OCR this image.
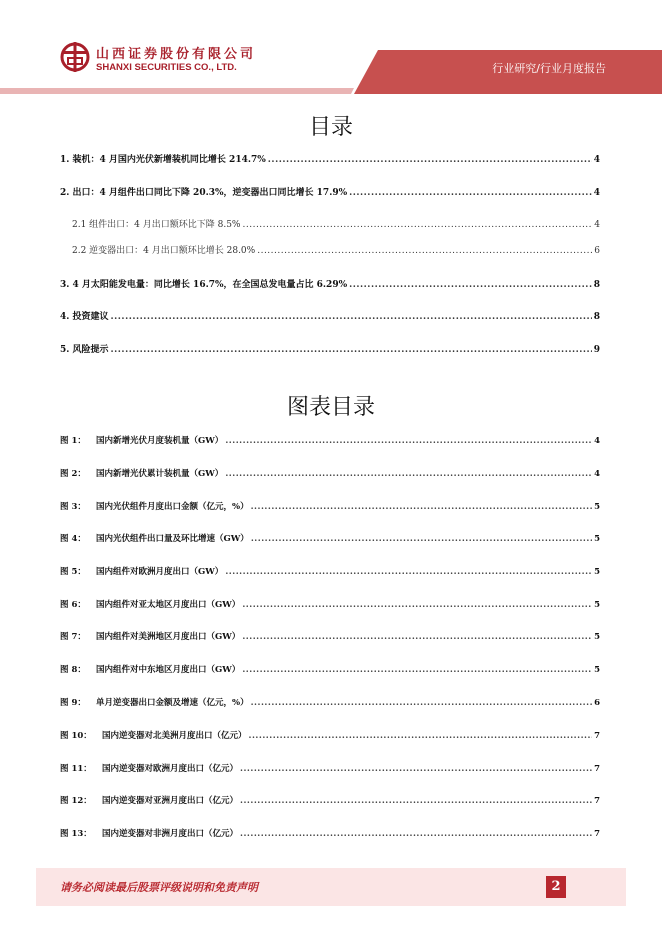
山西证券股份有限公司
SHANXI SECURITIES CO., LTD.	行业研究/行业月度报告
目录
1. 装机：4 月国内光伏新增装机同比增长 214.7% .....	4
2. 出口：4 月组件出口同比下降 20.3%，逆变器出口同比增长 17.9% .....	4
2.1 组件出口：4 月出口额环比下降 8.5% .....	4
2.2 逆变器出口：4 月出口额环比增长 28.0% .....	6
3. 4 月太阳能发电量：同比增长 16.7%，在全国总发电量占比 6.29% .....	8
4. 投资建议 .....	8
5. 风险提示 .....	9
图表目录
图 1： 国内新增光伏月度装机量（GW） .....	4
图 2： 国内新增光伏累计装机量（GW） .....	4
图 3： 国内光伏组件月度出口金额（亿元，%） .....	5
图 4： 国内光伏组件出口量及环比增速（GW） .....	5
图 5： 国内组件对欧洲月度出口（GW） .....	5
图 6： 国内组件对亚太地区月度出口（GW） .....	5
图 7： 国内组件对美洲地区月度出口（GW） .....	5
图 8： 国内组件对中东地区月度出口（GW） .....	5
图 9： 单月逆变器出口金额及增速（亿元，%） .....	6
图 10： 国内逆变器对北美洲月度出口（亿元） .....	7
图 11： 国内逆变器对欧洲月度出口（亿元） .....	7
图 12： 国内逆变器对亚洲月度出口（亿元） .....	7
图 13： 国内逆变器对非洲月度出口（亿元） .....	7
请务必阅读最后股票评级说明和免责声明	2
